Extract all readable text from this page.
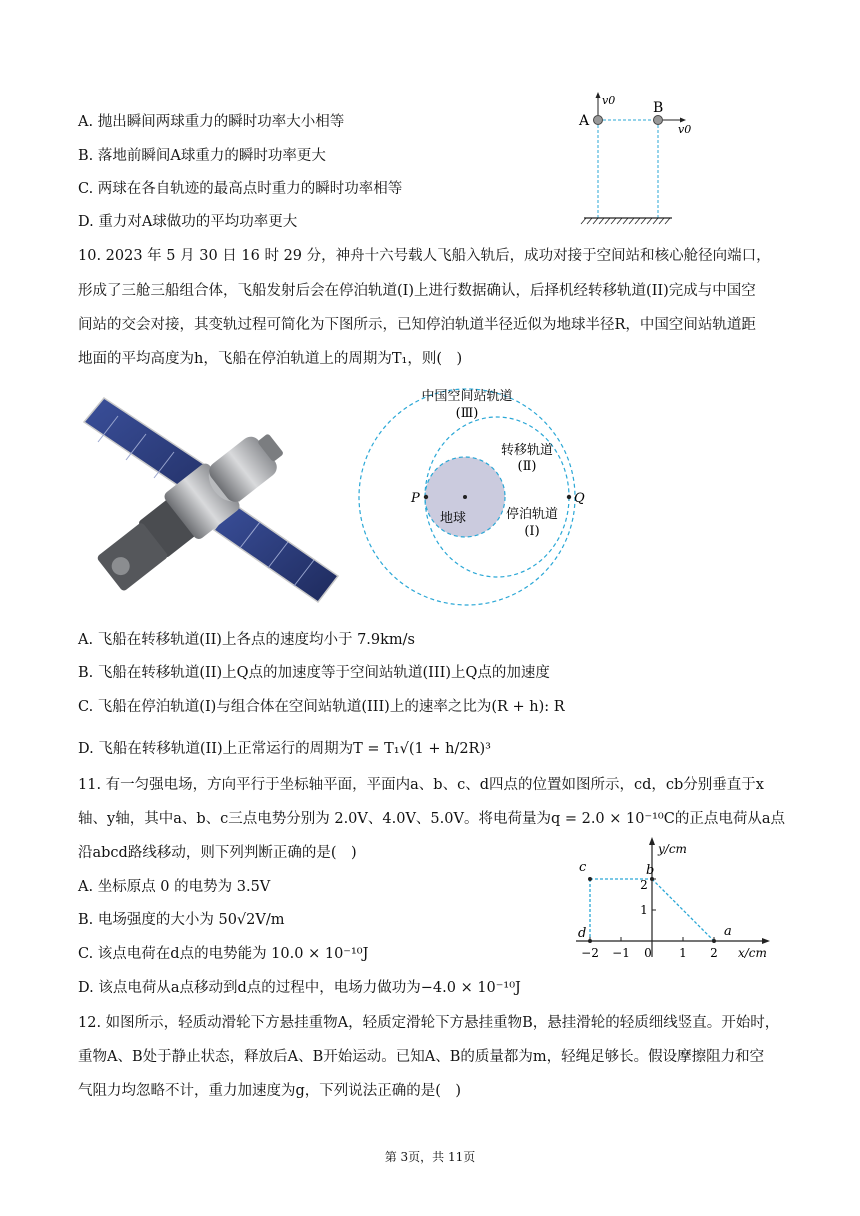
A. 抛出瞬间两球重力的瞬时功率大小相等
B. 落地前瞬间A球重力的瞬时功率更大
C. 两球在各自轨迹的最高点时重力的瞬时功率相等
D. 重力对A球做功的平均功率更大
A
B
v0
v0
10. 2023 年 5 月 30 日 16 时 29 分，神舟十六号载人飞船入轨后，成功对接于空间站和核心舱径向端口，
形成了三舱三船组合体，飞船发射后会在停泊轨道(I)上进行数据确认，后择机经转移轨道(II)完成与中国空
间站的交会对接，其变轨过程可简化为下图所示，已知停泊轨道半径近似为地球半径R，中国空间站轨道距
地面的平均高度为h，飞船在停泊轨道上的周期为T₁，则(　)
中国空间站轨道
(Ⅲ)
转移轨道
(Ⅱ)
停泊轨道
(Ⅰ)
地球
P	Q
A. 飞船在转移轨道(II)上各点的速度均小于 7.9km/s
B. 飞船在转移轨道(II)上Q点的加速度等于空间站轨道(III)上Q点的加速度
C. 飞船在停泊轨道(I)与组合体在空间站轨道(III)上的速率之比为(R + h): R
D. 飞船在转移轨道(II)上正常运行的周期为T = T₁√(1 + h/2R)³
11. 有一匀强电场，方向平行于坐标轴平面，平面内a、b、c、d四点的位置如图所示，cd，cb分别垂直于x
轴、y轴，其中a、b、c三点电势分别为 2.0V、4.0V、5.0V。将电荷量为q = 2.0 × 10⁻¹⁰C的正点电荷从a点
沿abcd路线移动，则下列判断正确的是(　)
A. 坐标原点 0 的电势为 3.5V
B. 电场强度的大小为 50√2V/m
C. 该点电荷在d点的电势能为 10.0 × 10⁻¹⁰J
D. 该点电荷从a点移动到d点的过程中，电场力做功为−4.0 × 10⁻¹⁰J
y/cm
x/cm
−2 −1 0 1 2
1
2
a
b
c
d
12. 如图所示，轻质动滑轮下方悬挂重物A，轻质定滑轮下方悬挂重物B，悬挂滑轮的轻质细线竖直。开始时，
重物A、B处于静止状态，释放后A、B开始运动。已知A、B的质量都为m，轻绳足够长。假设摩擦阻力和空
气阻力均忽略不计，重力加速度为g，下列说法正确的是(　)
第 3页，共 11页
